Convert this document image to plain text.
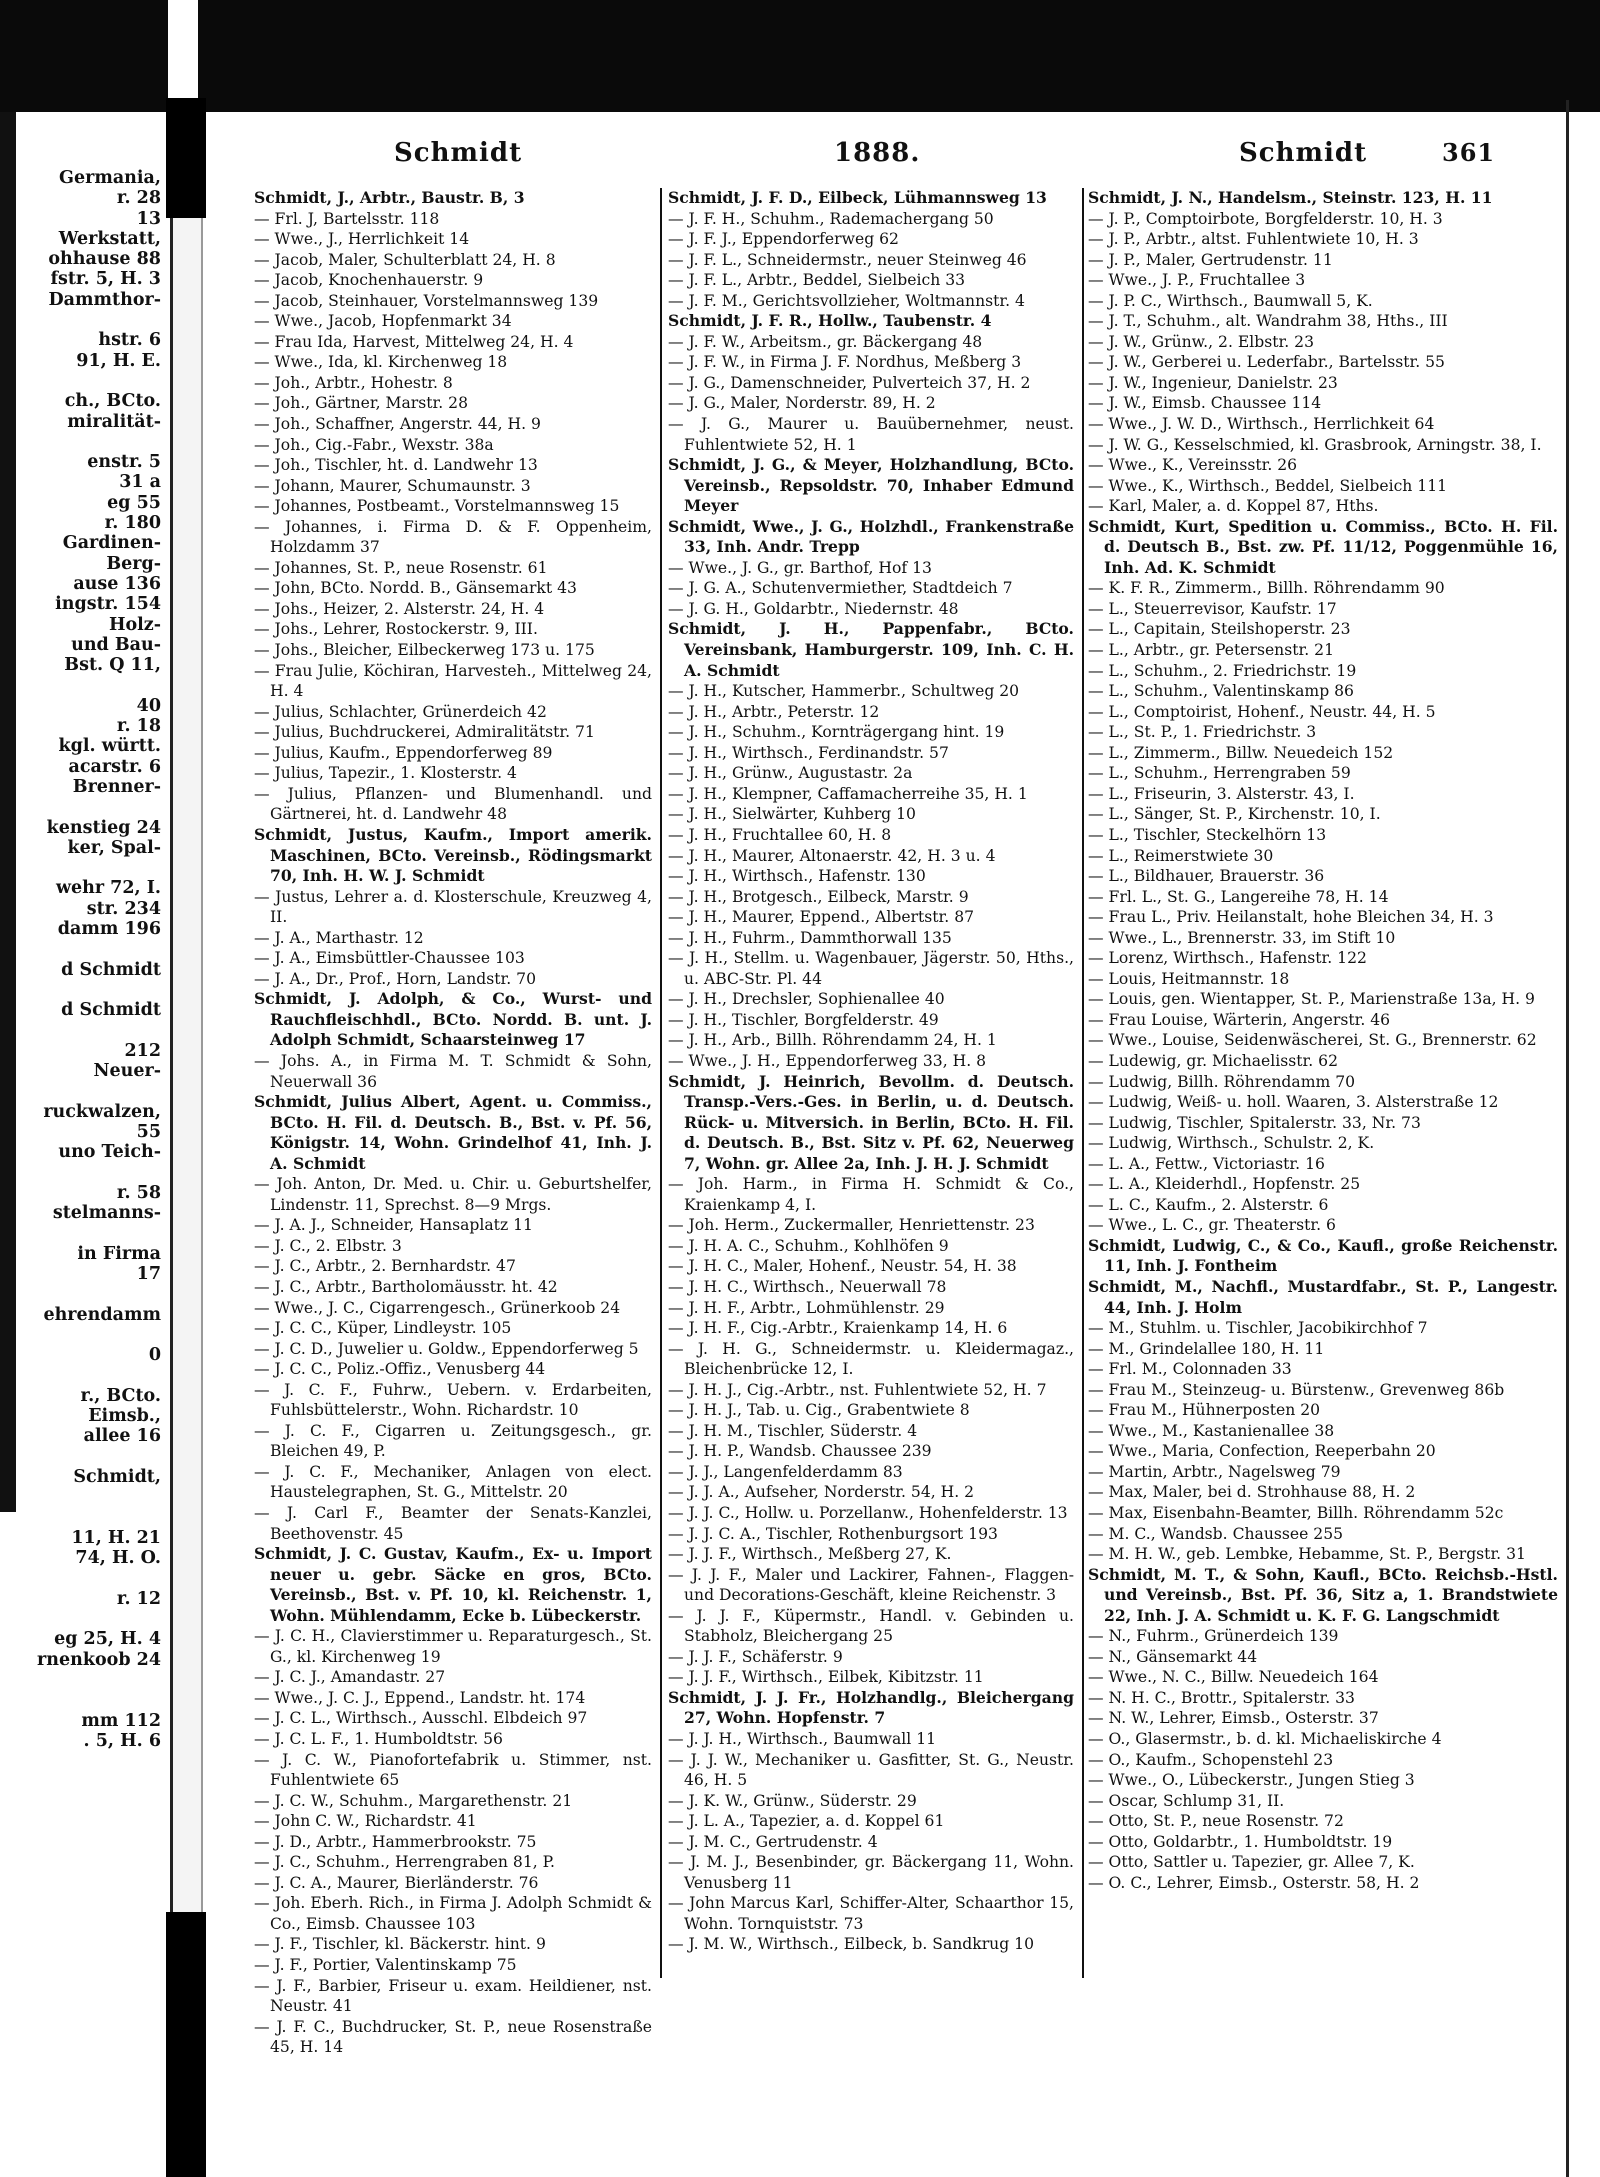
Germania,
r. 28
13
Werkstatt,
ohhause 88
fstr. 5, H. 3
Dammthor-

hstr. 6
91, H. E.

ch., BCto.
miralität-

enstr. 5
31 a
eg 55
r. 180
Gardinen-
Berg-
ause 136
ingstr. 154
Holz-
und Bau-
Bst. Q 11,

40
r. 18
kgl. württ.
acarstr. 6
Brenner-

kenstieg 24
ker, Spal-

wehr 72, I.
str. 234
damm 196

d Schmidt

d Schmidt

212
Neuer-

ruckwalzen,
55
uno Teich-

r. 58
stelmanns-

in Firma
17

ehrendamm

0

r., BCto.
Eimsb.,
allee 16

Schmidt,

11, H. 21
74, H. O.

r. 12

eg 25, H. 4
rnenkoob 24

mm 112
. 5, H. 6
Schmidt	1888.	Schmidt	361
Schmidt, J., Arbtr., Baustr. B, 3
— Frl. J, Bartelsstr. 118
— Wwe., J., Herrlichkeit 14
— Jacob, Maler, Schulterblatt 24, H. 8
— Jacob, Knochenhauerstr. 9
— Jacob, Steinhauer, Vorstelmannsweg 139
— Wwe., Jacob, Hopfenmarkt 34
— Frau Ida, Harvest, Mittelweg 24, H. 4
— Wwe., Ida, kl. Kirchenweg 18
— Joh., Arbtr., Hohestr. 8
— Joh., Gärtner, Marstr. 28
— Joh., Schaffner, Angerstr. 44, H. 9
— Joh., Cig.-Fabr., Wexstr. 38a
— Joh., Tischler, ht. d. Landwehr 13
— Johann, Maurer, Schumaunstr. 3
— Johannes, Postbeamt., Vorstelmannsweg 15
— Johannes, i. Firma D. & F. Oppenheim, Holzdamm 37
— Johannes, St. P., neue Rosenstr. 61
— John, BCto. Nordd. B., Gänsemarkt 43
— Johs., Heizer, 2. Alsterstr. 24, H. 4
— Johs., Lehrer, Rostockerstr. 9, III.
— Johs., Bleicher, Eilbeckerweg 173 u. 175
— Frau Julie, Köchiran, Harvesteh., Mittelweg 24, H. 4
— Julius, Schlachter, Grünerdeich 42
— Julius, Buchdruckerei, Admiralitätstr. 71
— Julius, Kaufm., Eppendorferweg 89
— Julius, Tapezir., 1. Klosterstr. 4
— Julius, Pflanzen- und Blumenhandl. und Gärtnerei, ht. d. Landwehr 48
Schmidt, Justus, Kaufm., Import amerik. Maschinen, BCto. Vereinsb., Rödingsmarkt 70, Inh. H. W. J. Schmidt
— Justus, Lehrer a. d. Klosterschule, Kreuzweg 4, II.
— J. A., Marthastr. 12
— J. A., Eimsbüttler-Chaussee 103
— J. A., Dr., Prof., Horn, Landstr. 70
Schmidt, J. Adolph, & Co., Wurst- und Rauchfleischhdl., BCto. Nordd. B. unt. J. Adolph Schmidt, Schaarsteinweg 17
— Johs. A., in Firma M. T. Schmidt & Sohn, Neuerwall 36
Schmidt, Julius Albert, Agent. u. Commiss., BCto. H. Fil. d. Deutsch. B., Bst. v. Pf. 56, Königstr. 14, Wohn. Grindelhof 41, Inh. J. A. Schmidt
— Joh. Anton, Dr. Med. u. Chir. u. Geburtshelfer, Lindenstr. 11, Sprechst. 8—9 Mrgs.
— J. A. J., Schneider, Hansaplatz 11
— J. C., 2. Elbstr. 3
— J. C., Arbtr., 2. Bernhardstr. 47
— J. C., Arbtr., Bartholomäusstr. ht. 42
— Wwe., J. C., Cigarrengesch., Grünerkoob 24
— J. C. C., Küper, Lindleystr. 105
— J. C. D., Juwelier u. Goldw., Eppendorferweg 5
— J. C. C., Poliz.-Offiz., Venusberg 44
— J. C. F., Fuhrw., Uebern. v. Erdarbeiten, Fuhlsbüttelerstr., Wohn. Richardstr. 10
— J. C. F., Cigarren u. Zeitungsgesch., gr. Bleichen 49, P.
— J. C. F., Mechaniker, Anlagen von elect. Haustelegraphen, St. G., Mittelstr. 20
— J. Carl F., Beamter der Senats-Kanzlei, Beethovenstr. 45
Schmidt, J. C. Gustav, Kaufm., Ex- u. Import neuer u. gebr. Säcke en gros, BCto. Vereinsb., Bst. v. Pf. 10, kl. Reichenstr. 1, Wohn. Mühlendamm, Ecke b. Lübeckerstr.
— J. C. H., Clavierstimmer u. Reparaturgesch., St. G., kl. Kirchenweg 19
— J. C. J., Amandastr. 27
— Wwe., J. C. J., Eppend., Landstr. ht. 174
— J. C. L., Wirthsch., Ausschl. Elbdeich 97
— J. C. L. F., 1. Humboldtstr. 56
— J. C. W., Pianofortefabrik u. Stimmer, nst. Fuhlentwiete 65
— J. C. W., Schuhm., Margarethenstr. 21
— John C. W., Richardstr. 41
— J. D., Arbtr., Hammerbrookstr. 75
— J. C., Schuhm., Herrengraben 81, P.
— J. C. A., Maurer, Bierländerstr. 76
— Joh. Eberh. Rich., in Firma J. Adolph Schmidt & Co., Eimsb. Chaussee 103
— J. F., Tischler, kl. Bäckerstr. hint. 9
— J. F., Portier, Valentinskamp 75
— J. F., Barbier, Friseur u. exam. Heildiener, nst. Neustr. 41
— J. F. C., Buchdrucker, St. P., neue Rosenstraße 45, H. 14
Schmidt, J. F. D., Eilbeck, Lühmannsweg 13
— J. F. H., Schuhm., Rademachergang 50
— J. F. J., Eppendorferweg 62
— J. F. L., Schneidermstr., neuer Steinweg 46
— J. F. L., Arbtr., Beddel, Sielbeich 33
— J. F. M., Gerichtsvollzieher, Woltmannstr. 4
Schmidt, J. F. R., Hollw., Taubenstr. 4
— J. F. W., Arbeitsm., gr. Bäckergang 48
— J. F. W., in Firma J. F. Nordhus, Meßberg 3
— J. G., Damenschneider, Pulverteich 37, H. 2
— J. G., Maler, Norderstr. 89, H. 2
— J. G., Maurer u. Bauübernehmer, neust. Fuhlentwiete 52, H. 1
Schmidt, J. G., & Meyer, Holzhandlung, BCto. Vereinsb., Repsoldstr. 70, Inhaber Edmund Meyer
Schmidt, Wwe., J. G., Holzhdl., Frankenstraße 33, Inh. Andr. Trepp
— Wwe., J. G., gr. Barthof, Hof 13
— J. G. A., Schutenvermiether, Stadtdeich 7
— J. G. H., Goldarbtr., Niedernstr. 48
Schmidt, J. H., Pappenfabr., BCto. Vereinsbank, Hamburgerstr. 109, Inh. C. H. A. Schmidt
— J. H., Kutscher, Hammerbr., Schultweg 20
— J. H., Arbtr., Peterstr. 12
— J. H., Schuhm., Kornträgergang hint. 19
— J. H., Wirthsch., Ferdinandstr. 57
— J. H., Grünw., Augustastr. 2a
— J. H., Klempner, Caffamacherreihe 35, H. 1
— J. H., Sielwärter, Kuhberg 10
— J. H., Fruchtallee 60, H. 8
— J. H., Maurer, Altonaerstr. 42, H. 3 u. 4
— J. H., Wirthsch., Hafenstr. 130
— J. H., Brotgesch., Eilbeck, Marstr. 9
— J. H., Maurer, Eppend., Albertstr. 87
— J. H., Fuhrm., Dammthorwall 135
— J. H., Stellm. u. Wagenbauer, Jägerstr. 50, Hths., u. ABC-Str. Pl. 44
— J. H., Drechsler, Sophienallee 40
— J. H., Tischler, Borgfelderstr. 49
— J. H., Arb., Billh. Röhrendamm 24, H. 1
— Wwe., J. H., Eppendorferweg 33, H. 8
Schmidt, J. Heinrich, Bevollm. d. Deutsch. Transp.-Vers.-Ges. in Berlin, u. d. Deutsch. Rück- u. Mitversich. in Berlin, BCto. H. Fil. d. Deutsch. B., Bst. Sitz v. Pf. 62, Neuerweg 7, Wohn. gr. Allee 2a, Inh. J. H. J. Schmidt
— Joh. Harm., in Firma H. Schmidt & Co., Kraienkamp 4, I.
— Joh. Herm., Zuckermaller, Henriettenstr. 23
— J. H. A. C., Schuhm., Kohlhöfen 9
— J. H. C., Maler, Hohenf., Neustr. 54, H. 38
— J. H. C., Wirthsch., Neuerwall 78
— J. H. F., Arbtr., Lohmühlenstr. 29
— J. H. F., Cig.-Arbtr., Kraienkamp 14, H. 6
— J. H. G., Schneidermstr. u. Kleidermagaz., Bleichenbrücke 12, I.
— J. H. J., Cig.-Arbtr., nst. Fuhlentwiete 52, H. 7
— J. H. J., Tab. u. Cig., Grabentwiete 8
— J. H. M., Tischler, Süderstr. 4
— J. H. P., Wandsb. Chaussee 239
— J. J., Langenfelderdamm 83
— J. J. A., Aufseher, Norderstr. 54, H. 2
— J. J. C., Hollw. u. Porzellanw., Hohenfelderstr. 13
— J. J. C. A., Tischler, Rothenburgsort 193
— J. J. F., Wirthsch., Meßberg 27, K.
— J. J. F., Maler und Lackirer, Fahnen-, Flaggen- und Decorations-Geschäft, kleine Reichenstr. 3
— J. J. F., Küpermstr., Handl. v. Gebinden u. Stabholz, Bleichergang 25
— J. J. F., Schäferstr. 9
— J. J. F., Wirthsch., Eilbek, Kibitzstr. 11
Schmidt, J. J. Fr., Holzhandlg., Bleichergang 27, Wohn. Hopfenstr. 7
— J. J. H., Wirthsch., Baumwall 11
— J. J. W., Mechaniker u. Gasfitter, St. G., Neustr. 46, H. 5
— J. K. W., Grünw., Süderstr. 29
— J. L. A., Tapezier, a. d. Koppel 61
— J. M. C., Gertrudenstr. 4
— J. M. J., Besenbinder, gr. Bäckergang 11, Wohn. Venusberg 11
— John Marcus Karl, Schiffer-Alter, Schaarthor 15, Wohn. Tornquiststr. 73
— J. M. W., Wirthsch., Eilbeck, b. Sandkrug 10
Schmidt, J. N., Handelsm., Steinstr. 123, H. 11
— J. P., Comptoirbote, Borgfelderstr. 10, H. 3
— J. P., Arbtr., altst. Fuhlentwiete 10, H. 3
— J. P., Maler, Gertrudenstr. 11
— Wwe., J. P., Fruchtallee 3
— J. P. C., Wirthsch., Baumwall 5, K.
— J. T., Schuhm., alt. Wandrahm 38, Hths., III
— J. W., Grünw., 2. Elbstr. 23
— J. W., Gerberei u. Lederfabr., Bartelsstr. 55
— J. W., Ingenieur, Danielstr. 23
— J. W., Eimsb. Chaussee 114
— Wwe., J. W. D., Wirthsch., Herrlichkeit 64
— J. W. G., Kesselschmied, kl. Grasbrook, Arningstr. 38, I.
— Wwe., K., Vereinsstr. 26
— Wwe., K., Wirthsch., Beddel, Sielbeich 111
— Karl, Maler, a. d. Koppel 87, Hths.
Schmidt, Kurt, Spedition u. Commiss., BCto. H. Fil. d. Deutsch B., Bst. zw. Pf. 11/12, Poggenmühle 16, Inh. Ad. K. Schmidt
— K. F. R., Zimmerm., Billh. Röhrendamm 90
— L., Steuerrevisor, Kaufstr. 17
— L., Capitain, Steilshoperstr. 23
— L., Arbtr., gr. Petersenstr. 21
— L., Schuhm., 2. Friedrichstr. 19
— L., Schuhm., Valentinskamp 86
— L., Comptoirist, Hohenf., Neustr. 44, H. 5
— L., St. P., 1. Friedrichstr. 3
— L., Zimmerm., Billw. Neuedeich 152
— L., Schuhm., Herrengraben 59
— L., Friseurin, 3. Alsterstr. 43, I.
— L., Sänger, St. P., Kirchenstr. 10, I.
— L., Tischler, Steckelhörn 13
— L., Reimerstwiete 30
— L., Bildhauer, Brauerstr. 36
— Frl. L., St. G., Langereihe 78, H. 14
— Frau L., Priv. Heilanstalt, hohe Bleichen 34, H. 3
— Wwe., L., Brennerstr. 33, im Stift 10
— Lorenz, Wirthsch., Hafenstr. 122
— Louis, Heitmannstr. 18
— Louis, gen. Wientapper, St. P., Marienstraße 13a, H. 9
— Frau Louise, Wärterin, Angerstr. 46
— Wwe., Louise, Seidenwäscherei, St. G., Brennerstr. 62
— Ludewig, gr. Michaelisstr. 62
— Ludwig, Billh. Röhrendamm 70
— Ludwig, Weiß- u. holl. Waaren, 3. Alsterstraße 12
— Ludwig, Tischler, Spitalerstr. 33, Nr. 73
— Ludwig, Wirthsch., Schulstr. 2, K.
— L. A., Fettw., Victoriastr. 16
— L. A., Kleiderhdl., Hopfenstr. 25
— L. C., Kaufm., 2. Alsterstr. 6
— Wwe., L. C., gr. Theaterstr. 6
Schmidt, Ludwig, C., & Co., Kaufl., große Reichenstr. 11, Inh. J. Fontheim
Schmidt, M., Nachfl., Mustardfabr., St. P., Langestr. 44, Inh. J. Holm
— M., Stuhlm. u. Tischler, Jacobikirchhof 7
— M., Grindelallee 180, H. 11
— Frl. M., Colonnaden 33
— Frau M., Steinzeug- u. Bürstenw., Grevenweg 86b
— Frau M., Hühnerposten 20
— Wwe., M., Kastanienallee 38
— Wwe., Maria, Confection, Reeperbahn 20
— Martin, Arbtr., Nagelsweg 79
— Max, Maler, bei d. Strohhause 88, H. 2
— Max, Eisenbahn-Beamter, Billh. Röhrendamm 52c
— M. C., Wandsb. Chaussee 255
— M. H. W., geb. Lembke, Hebamme, St. P., Bergstr. 31
Schmidt, M. T., & Sohn, Kaufl., BCto. Reichsb.-Hstl. und Vereinsb., Bst. Pf. 36, Sitz a, 1. Brandstwiete 22, Inh. J. A. Schmidt u. K. F. G. Langschmidt
— N., Fuhrm., Grünerdeich 139
— N., Gänsemarkt 44
— Wwe., N. C., Billw. Neuedeich 164
— N. H. C., Brottr., Spitalerstr. 33
— N. W., Lehrer, Eimsb., Osterstr. 37
— O., Glasermstr., b. d. kl. Michaeliskirche 4
— O., Kaufm., Schopenstehl 23
— Wwe., O., Lübeckerstr., Jungen Stieg 3
— Oscar, Schlump 31, II.
— Otto, St. P., neue Rosenstr. 72
— Otto, Goldarbtr., 1. Humboldtstr. 19
— Otto, Sattler u. Tapezier, gr. Allee 7, K.
— O. C., Lehrer, Eimsb., Osterstr. 58, H. 2
